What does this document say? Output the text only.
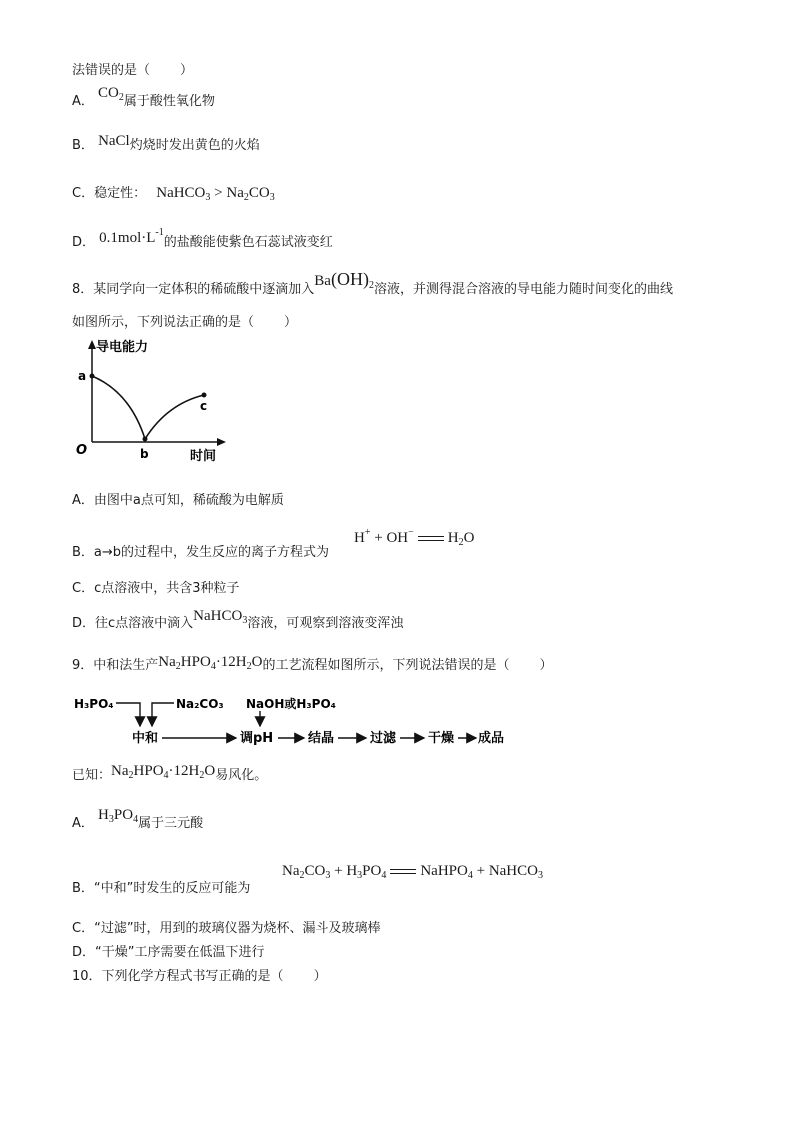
法错误的是（ ）
A． $CO_2$属于酸性氧化物
B． NaCl灼烧时发出黄色的火焰
C．稳定性： NaHCO$_3$ > $Na_2CO_3$
D． $0.1mol\cdot L^{-1}$的盐酸能使紫色石蕊试液变红
8．某同学向一定体积的稀硫酸中逐滴加入$Ba(OH)_2$溶液，并测得混合溶液的导电能力随时间变化的曲线
如图所示，下列说法正确的是（ ）
导电能力
a
O	b
c
时间
A．由图中a点可知，稀硫酸为电解质
H+ + OH− $H_2O$
B．a→b的过程中，发生反应的离子方程式为
C．c点溶液中，共含3种粒子
D．往c点溶液中滴入NaHCO$_3$溶液，可观察到溶液变浑浊
9．中和法生产$Na_2HPO_4\cdot 12H_2O$的工艺流程如图所示，下列说法错误的是（ ）
H₃PO₄	Na₂CO₃ NaOH或H₃PO₄
中和	调pH	结晶	过滤 干燥 成品
已知：$Na_2HPO_4\cdot 12H_2O$易风化。
A． $H_3PO_4$属于三元酸
$Na_2CO_3 + H_3PO_4$ NaHPO$_4$ + NaHCO$_3$
B．“中和”时发生的反应可能为
C．“过滤”时，用到的玻璃仪器为烧杯、漏斗及玻璃棒
D．“干燥”工序需要在低温下进行
10．下列化学方程式书写正确的是（ ）
